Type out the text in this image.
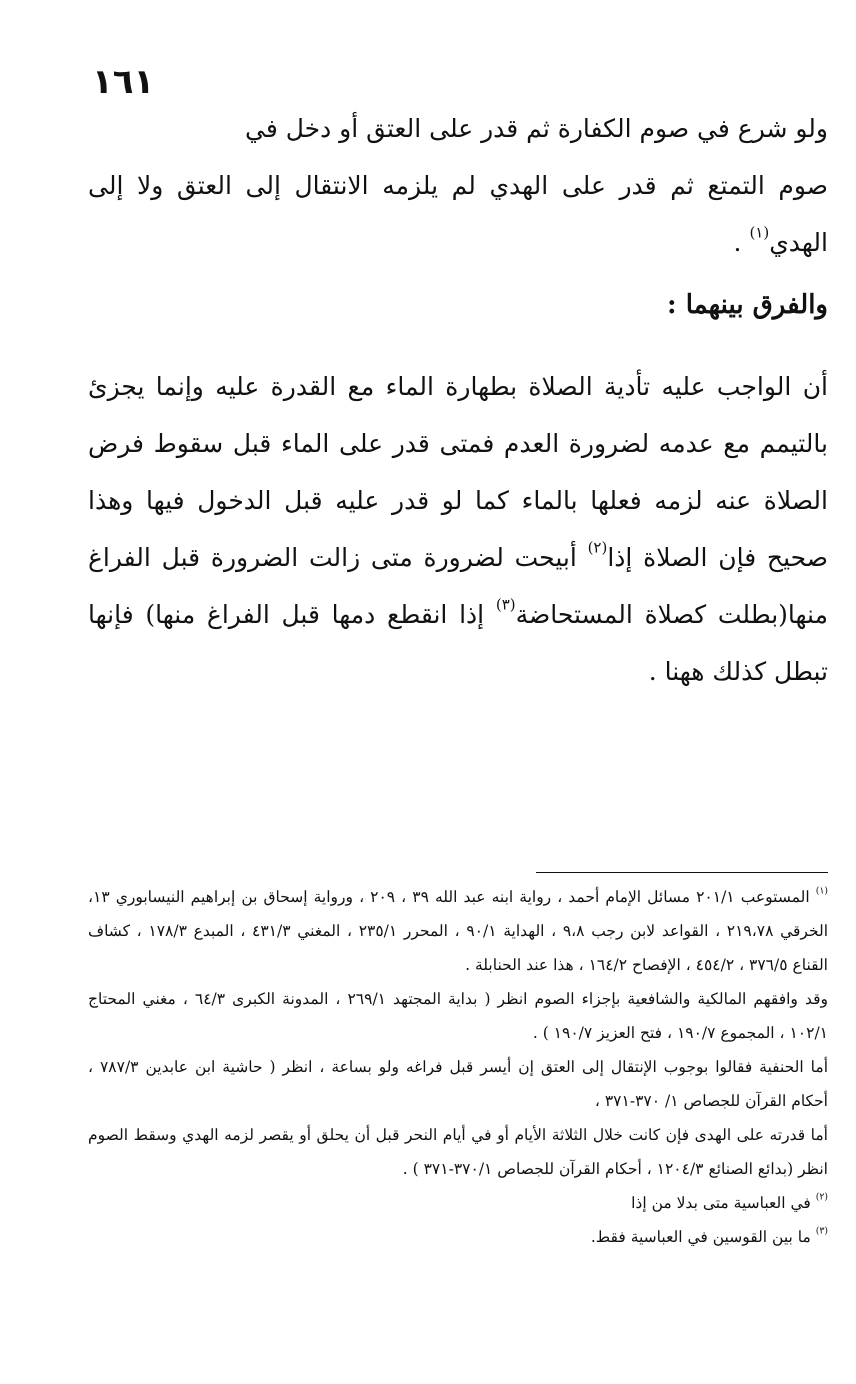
١٦١

ولو شرع في صوم الكفارة ثم قدر على العتق أو دخل في
صوم التمتع ثم قدر على الهدي لم يلزمه الانتقال إلى العتق ولا إلى الهدي$^{(١)}$ .

والفرق بينهما :

أن الواجب عليه تأدية الصلاة بطهارة الماء مع القدرة عليه وإنما يجزئ بالتيمم مع عدمه لضرورة العدم فمتى قدر على الماء قبل سقوط فرض الصلاة عنه لزمه فعلها بالماء كما لو قدر عليه قبل الدخول فيها وهذا صحيح فإن الصلاة إذا$^{(٢)}$ أبيحت لضرورة متى زالت الضرورة قبل الفراغ منها(بطلت كصلاة المستحاضة$^{(٣)}$ إذا انقطع دمها قبل الفراغ منها) فإنها تبطل كذلك ههنا .

$^{(١)}$ المستوعب ٢٠١/١ مسائل الإمام أحمد ، رواية ابنه عبد الله ٣٩ ، ٢٠٩ ، ورواية إسحاق بن إبراهيم النيسابوري ١٣، الخرقي ٢١٩،٧٨ ، القواعد لابن رجب ٩،٨ ، الهداية ٩٠/١ ، المحرر ٢٣٥/١ ، المغني ٤٣١/٣ ، المبدع ١٧٨/٣ ، كشاف القناع ٣٧٦/٥ ، ٤٥٤/٢ ، الإفصاح ١٦٤/٢ ، هذا عند الحنابلة .

وقد وافقهم المالكية والشافعية بإجزاء الصوم انظر ( بداية المجتهد ٢٦٩/١ ، المدونة الكبرى ٦٤/٣ ، مغني المحتاج ١٠٢/١ ، المجموع ١٩٠/٧ ، فتح العزيز ١٩٠/٧ ) .

أما الحنفية فقالوا بوجوب الإنتقال إلى العتق إن أيسر قبل فراغه ولو بساعة ، انظر ( حاشية ابن عابدين ٧٨٧/٣ ، أحكام القرآن للجصاص ١/ ٣٧٠-٣٧١ ،

أما قدرته على الهدى فإن كانت خلال الثلاثة الأيام أو في أيام النحر قبل أن يحلق أو يقصر لزمه الهدي وسقط الصوم انظر (بدائع الصنائع ١٢٠٤/٣ ، أحكام القرآن للجصاص ٣٧٠/١-٣٧١ ) .

$^{(٢)}$ في العباسية متى بدلا من إذا

$^{(٣)}$ ما بين القوسين في العباسية فقط.
